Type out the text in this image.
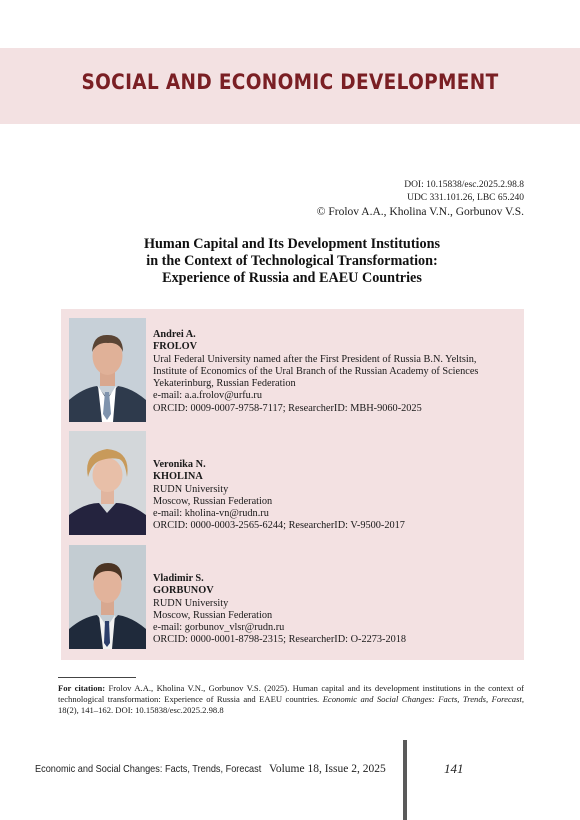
SOCIAL AND ECONOMIC DEVELOPMENT
DOI: 10.15838/esc.2025.2.98.8
UDC 331.101.26, LBC 65.240
© Frolov A.A., Kholina V.N., Gorbunov V.S.
Human Capital and Its Development Institutions
in the Context of Technological Transformation:
Experience of Russia and EAEU Countries
Andrei A.
FROLOV
Ural Federal University named after the First President of Russia B.N. Yeltsin,
Institute of Economics of the Ural Branch of the Russian Academy of Sciences
Yekaterinburg, Russian Federation
e-mail: a.a.frolov@urfu.ru
ORCID: 0009-0007-9758-7117; ResearcherID: MBH-9060-2025
Veronika N.
KHOLINA
RUDN University
Moscow, Russian Federation
e-mail: kholina-vn@rudn.ru
ORCID: 0000-0003-2565-6244; ResearcherID: V-9500-2017
Vladimir S.
GORBUNOV
RUDN University
Moscow, Russian Federation
e-mail: gorbunov_vlsr@rudn.ru
ORCID: 0000-0001-8798-2315; ResearcherID: O-2273-2018
For citation: Frolov A.A., Kholina V.N., Gorbunov V.S. (2025). Human capital and its development institutions in the context of technological transformation: Experience of Russia and EAEU countries. Economic and Social Changes: Facts, Trends, Forecast, 18(2), 141–162. DOI: 10.15838/esc.2025.2.98.8
Economic and Social Changes: Facts, Trends, Forecast Volume 18, Issue 2, 2025	141
